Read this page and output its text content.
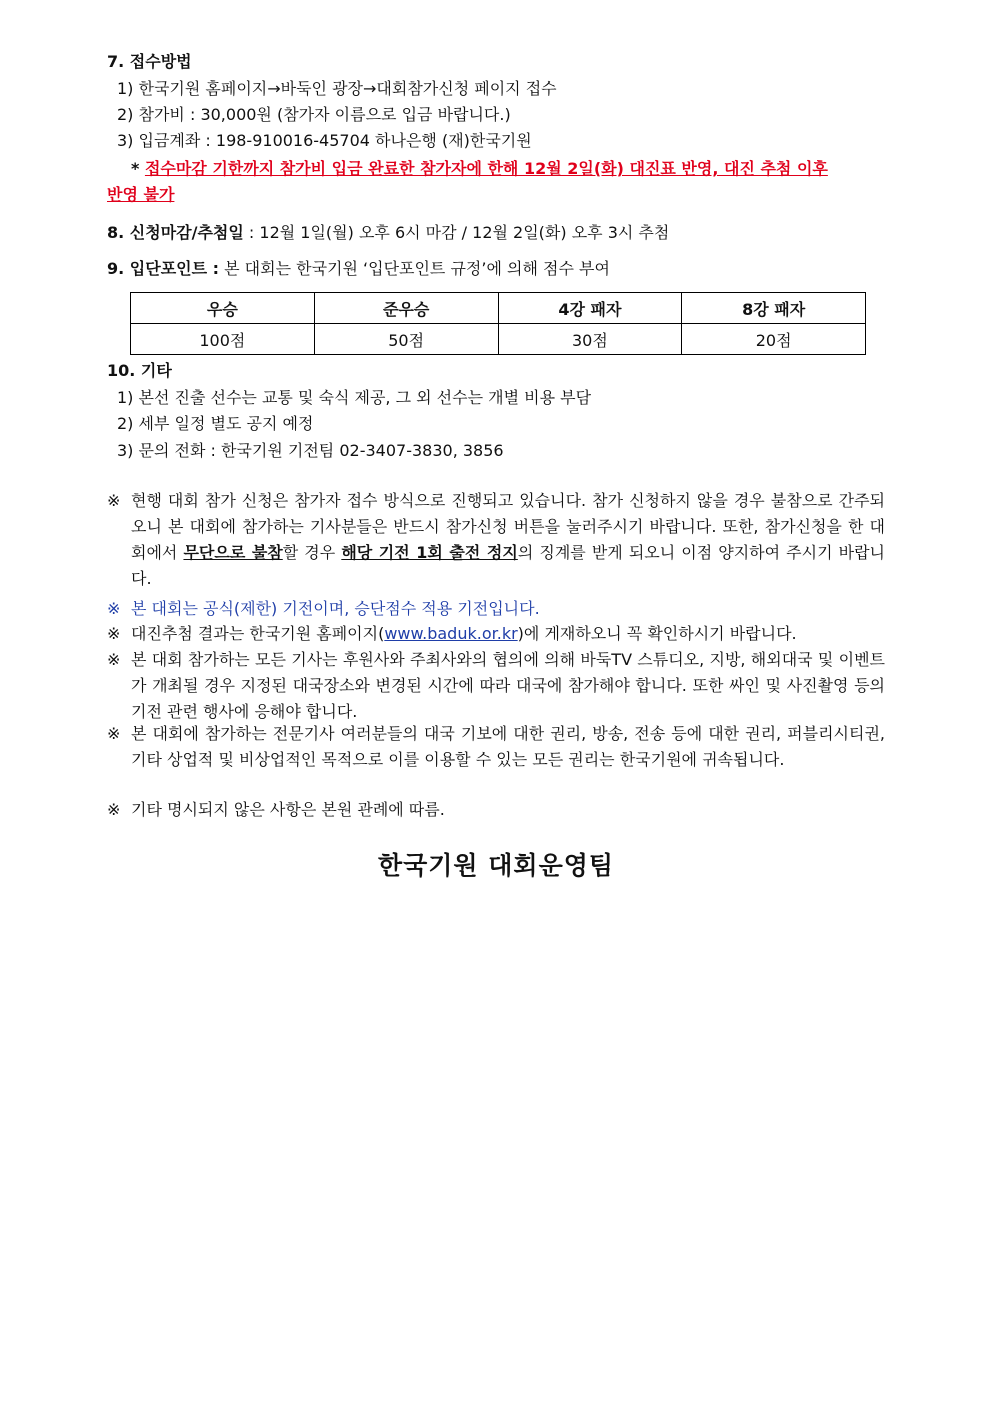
7. 접수방법
1) 한국기원 홈페이지→바둑인 광장→대회참가신청 페이지 접수
2) 참가비 : 30,000원 (참가자 이름으로 입금 바랍니다.)
3) 입금계좌 : 198-910016-45704 하나은행 (재)한국기원
* 접수마감 기한까지 참가비 입금 완료한 참가자에 한해 12월 2일(화) 대진표 반영, 대진 추첨 이후
반영 불가
8. 신청마감/추첨일 : 12월 1일(월) 오후 6시 마감 / 12월 2일(화) 오후 3시 추첨
9. 입단포인트 : 본 대회는 한국기원 ‘입단포인트 규정’에 의해 점수 부여
우승	준우승	4강 패자	8강 패자
100점	50점	30점	20점
10. 기타
1) 본선 진출 선수는 교통 및 숙식 제공, 그 외 선수는 개별 비용 부담
2) 세부 일정 별도 공지 예정
3) 문의 전화 : 한국기원 기전팀 02-3407-3830, 3856
※ 현행 대회 참가 신청은 참가자 접수 방식으로 진행되고 있습니다. 참가 신청하지 않을 경우 불참으로 간주되오니 본 대회에 참가하는 기사분들은 반드시 참가신청 버튼을 눌러주시기 바랍니다. 또한, 참가신청을 한 대회에서 무단으로 불참할 경우 해당 기전 1회 출전 정지의 징계를 받게 되오니 이점 양지하여 주시기 바랍니다.
※ 본 대회는 공식(제한) 기전이며, 승단점수 적용 기전입니다.
※ 대진추첨 결과는 한국기원 홈페이지(www.baduk.or.kr)에 게재하오니 꼭 확인하시기 바랍니다.
※ 본 대회 참가하는 모든 기사는 후원사와 주최사와의 협의에 의해 바둑TV 스튜디오, 지방, 해외대국 및 이벤트가 개최될 경우 지정된 대국장소와 변경된 시간에 따라 대국에 참가해야 합니다. 또한 싸인 및 사진촬영 등의 기전 관련 행사에 응해야 합니다.
※ 본 대회에 참가하는 전문기사 여러분들의 대국 기보에 대한 권리, 방송, 전송 등에 대한 권리, 퍼블리시티권, 기타 상업적 및 비상업적인 목적으로 이를 이용할 수 있는 모든 권리는 한국기원에 귀속됩니다.
※ 기타 명시되지 않은 사항은 본원 관례에 따름.
한국기원 대회운영팀
